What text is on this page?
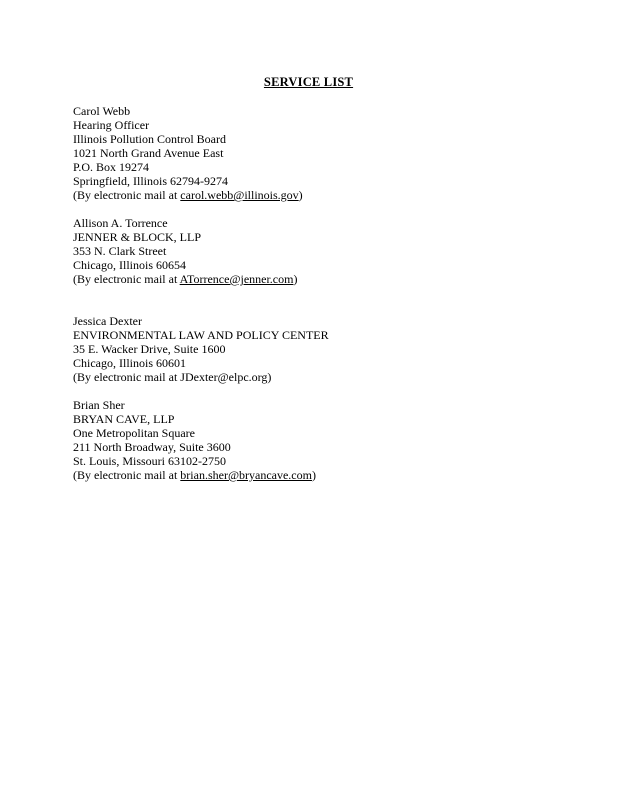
SERVICE LIST
Carol Webb
Hearing Officer
Illinois Pollution Control Board
1021 North Grand Avenue East
P.O. Box 19274
Springfield, Illinois 62794-9274
(By electronic mail at carol.webb@illinois.gov)
Allison A. Torrence
JENNER & BLOCK, LLP
353 N. Clark Street
Chicago, Illinois 60654
(By electronic mail at ATorrence@jenner.com)
Jessica Dexter
ENVIRONMENTAL LAW AND POLICY CENTER
35 E. Wacker Drive, Suite 1600
Chicago, Illinois 60601
(By electronic mail at JDexter@elpc.org)
Brian Sher
BRYAN CAVE, LLP
One Metropolitan Square
211 North Broadway, Suite 3600
St. Louis, Missouri 63102-2750
(By electronic mail at brian.sher@bryancave.com)
